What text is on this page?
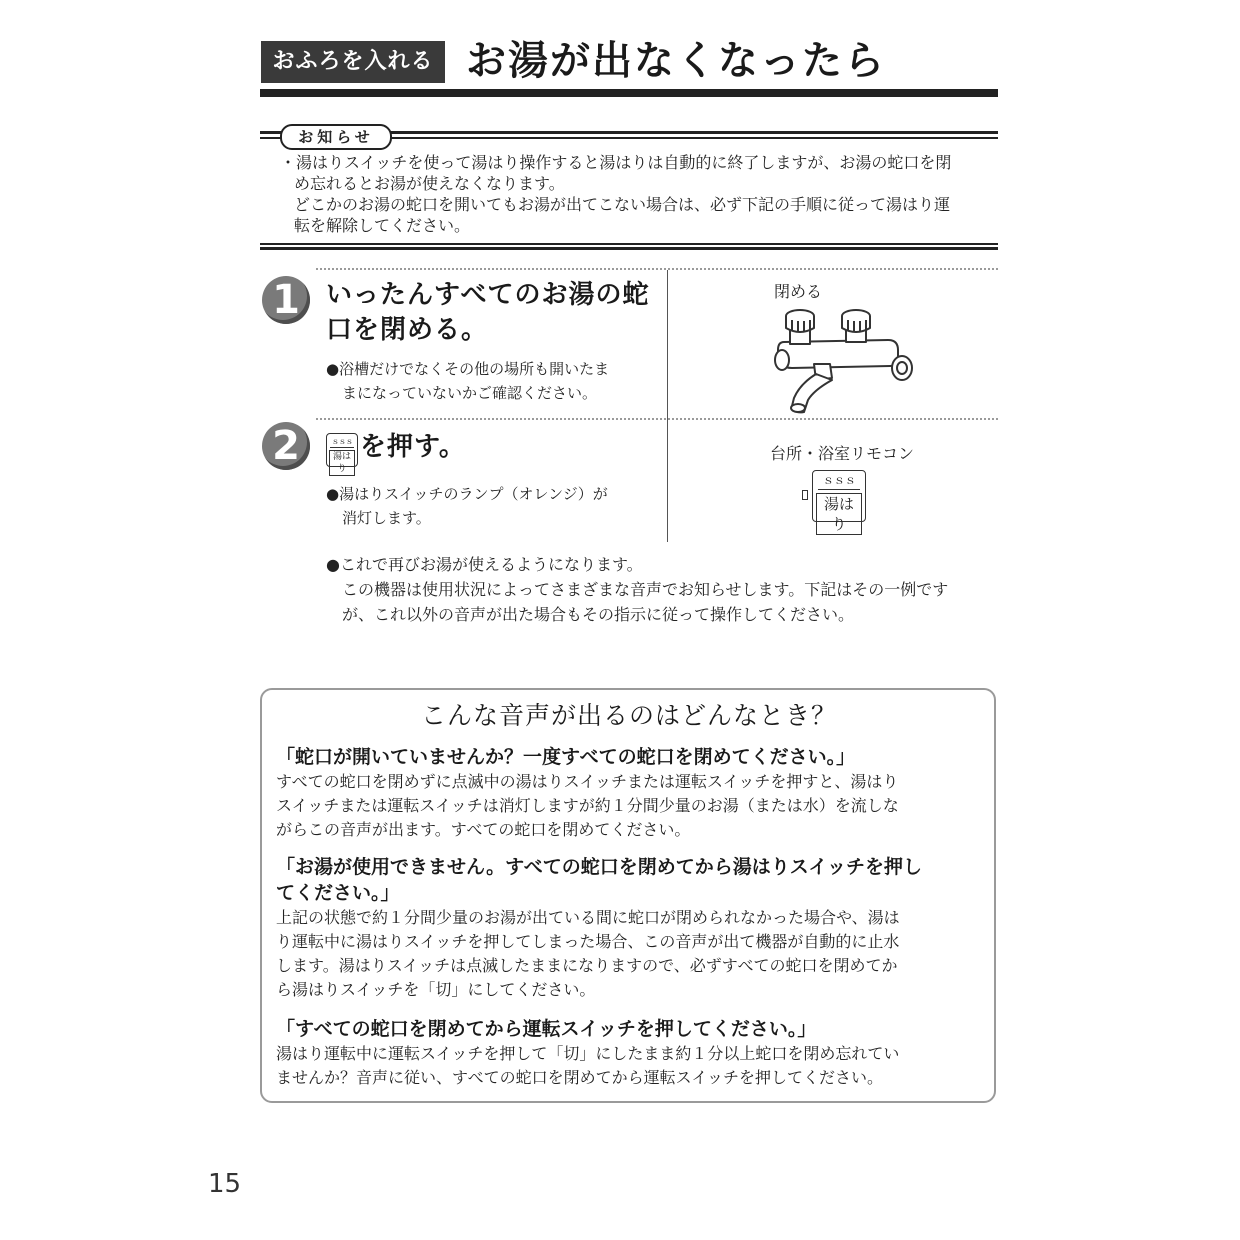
おふろを入れる お湯が出なくなったら
お知らせ
・湯はりスイッチを使って湯はり操作すると湯はりは自動的に終了しますが、お湯の蛇口を閉
め忘れるとお湯が使えなくなります。
どこかのお湯の蛇口を開いてもお湯が出てこない場合は、必ず下記の手順に従って湯はり運
転を解除してください。
1	いったんすべてのお湯の蛇
口を閉める。
●浴槽だけでなくその他の場所も開いたま
まになっていないかご確認ください。
閉める
2	ｓｓｓ
湯はり
を押す。
●湯はりスイッチのランプ（オレンジ）が
消灯します。
台所・浴室リモコン
ｓｓｓ
湯はり
●これで再びお湯が使えるようになります。
この機器は使用状況によってさまざまな音声でお知らせします。下記はその一例です
が、これ以外の音声が出た場合もその指示に従って操作してください。
こんな音声が出るのはどんなとき？
「蛇口が開いていませんか？一度すべての蛇口を閉めてください。」
すべての蛇口を閉めずに点滅中の湯はりスイッチまたは運転スイッチを押すと、湯はり
スイッチまたは運転スイッチは消灯しますが約１分間少量のお湯（または水）を流しな
がらこの音声が出ます。すべての蛇口を閉めてください。
「お湯が使用できません。すべての蛇口を閉めてから湯はりスイッチを押し
てください。」
上記の状態で約１分間少量のお湯が出ている間に蛇口が閉められなかった場合や、湯は
り運転中に湯はりスイッチを押してしまった場合、この音声が出て機器が自動的に止水
します。湯はりスイッチは点滅したままになりますので、必ずすべての蛇口を閉めてか
ら湯はりスイッチを「切」にしてください。
「すべての蛇口を閉めてから運転スイッチを押してください。」
湯はり運転中に運転スイッチを押して「切」にしたまま約１分以上蛇口を閉め忘れてい
ませんか？音声に従い、すべての蛇口を閉めてから運転スイッチを押してください。
15
